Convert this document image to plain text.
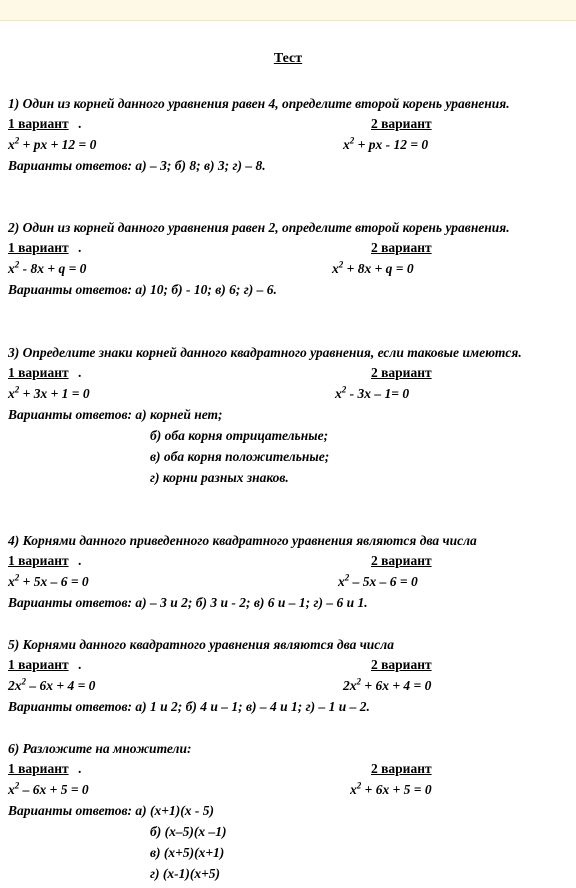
Тест
1) Один из корней данного уравнения равен 4, определите второй корень уравнения.
1 вариант .	2 вариант
$x^2$ + px + 12 = 0	$x^2$ + px - 12 = 0
Варианты ответов: а) – 3; б) 8; в) 3; г) – 8.
2) Один из корней данного уравнения равен 2, определите второй корень уравнения.
1 вариант .	2 вариант
$x^2 - 8x + q = 0$	$x^2 + 8x + q = 0$
Варианты ответов: а) 10; б) - 10; в) 6; г) – 6.
3) Определите знаки корней данного квадратного уравнения, если таковые имеются.
1 вариант .	2 вариант
$x^2 + 3x + 1 = 0$	$x^2 - 3x - 1= 0$
Варианты ответов: а) корней нет;
б) оба корня отрицательные;
в) оба корня положительные;
г) корни разных знаков.
4) Корнями данного приведенного квадратного уравнения являются два числа
1 вариант .	2 вариант
$x^2 + 5x - 6 = 0$	$x^2 - 5x - 6 = 0$
Варианты ответов: а) – 3 и 2; б) 3 и - 2; в) 6 и – 1; г) – 6 и 1.
5) Корнями данного квадратного уравнения являются два числа
1 вариант .	2 вариант
$2x^2 - 6x + 4 = 0$	$2x^2 + 6x + 4 = 0$
Варианты ответов: а) 1 и 2; б) 4 и – 1; в) – 4 и 1; г) – 1 и – 2.
6) Разложите на множители:
1 вариант .	2 вариант
$x^2 - 6x + 5 = 0$	$x^2 + 6x + 5 = 0$
Варианты ответов: а) (x+1)(x - 5)
б) (x–5)(x –1)
в) (x+5)(x+1)
г) (x-1)(x+5)
